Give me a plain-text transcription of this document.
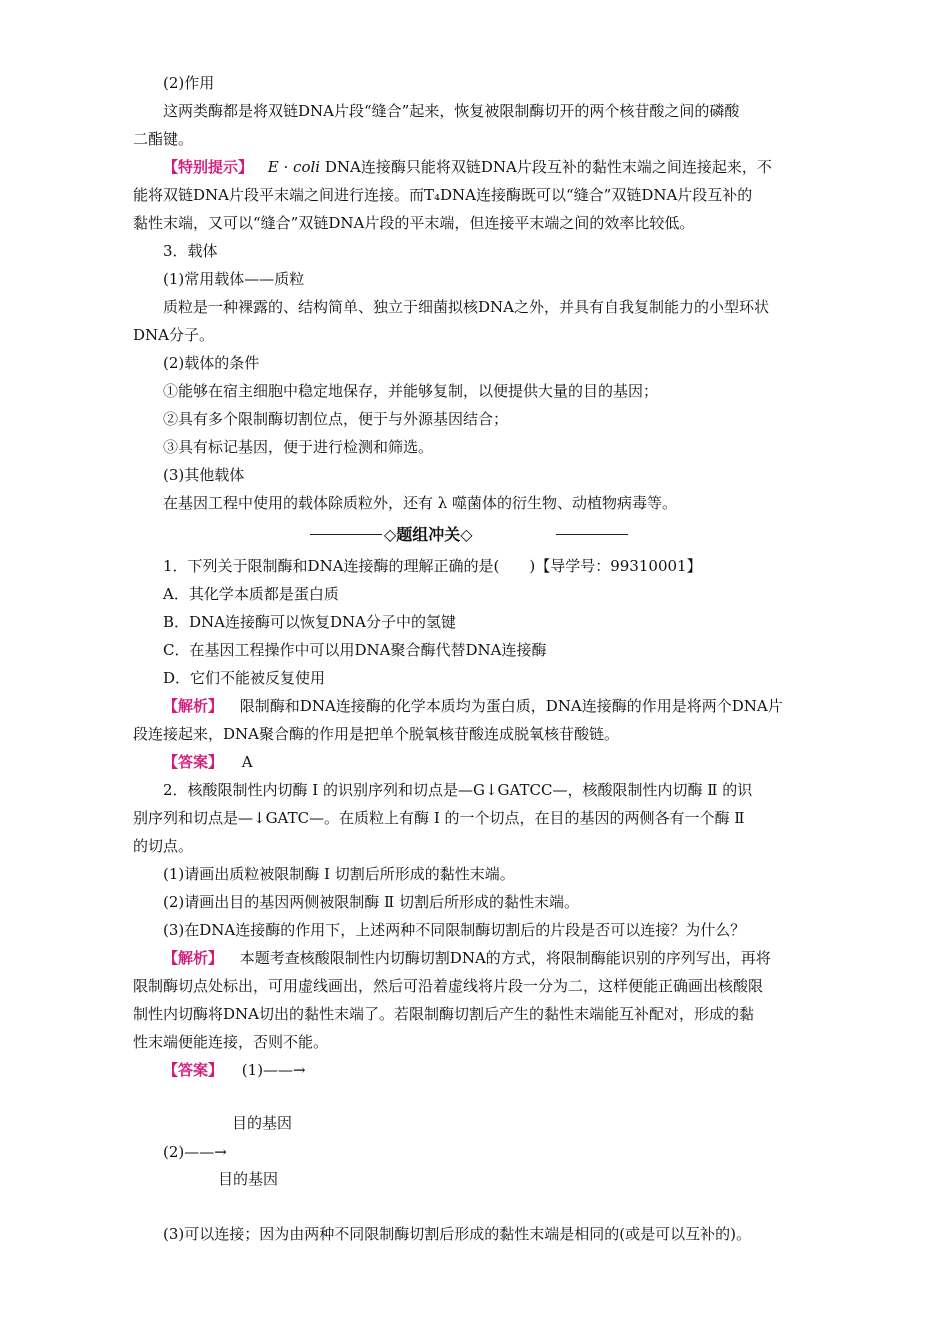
(2)作用
这两类酶都是将双链DNA片段“缝合”起来，恢复被限制酶切开的两个核苷酸之间的磷酸
二酯键。
【特别提示】 E · coli DNA连接酶只能将双链DNA片段互补的黏性末端之间连接起来，不
能将双链DNA片段平末端之间进行连接。而T₄DNA连接酶既可以“缝合”双链DNA片段互补的
黏性末端，又可以“缝合”双链DNA片段的平末端，但连接平末端之间的效率比较低。
3．载体
(1)常用载体——质粒
质粒是一种裸露的、结构简单、独立于细菌拟核DNA之外，并具有自我复制能力的小型环状
DNA分子。
(2)载体的条件
①能够在宿主细胞中稳定地保存，并能够复制，以便提供大量的目的基因；
②具有多个限制酶切割位点，便于与外源基因结合；
③具有标记基因，便于进行检测和筛选。
(3)其他载体
在基因工程中使用的载体除质粒外，还有 λ 噬菌体的衍生物、动植物病毒等。
◇题组冲关◇
1．下列关于限制酶和DNA连接酶的理解正确的是(　　)【导学号：99310001】
A．其化学本质都是蛋白质
B．DNA连接酶可以恢复DNA分子中的氢键
C．在基因工程操作中可以用DNA聚合酶代替DNA连接酶
D．它们不能被反复使用
【解析】 限制酶和DNA连接酶的化学本质均为蛋白质，DNA连接酶的作用是将两个DNA片
段连接起来，DNA聚合酶的作用是把单个脱氧核苷酸连成脱氧核苷酸链。
【答案】 A
2．核酸限制性内切酶 Ⅰ 的识别序列和切点是—G↓GATCC—，核酸限制性内切酶 Ⅱ 的识
别序列和切点是—↓GATC—。在质粒上有酶 Ⅰ 的一个切点，在目的基因的两侧各有一个酶 Ⅱ
的切点。
(1)请画出质粒被限制酶 Ⅰ 切割后所形成的黏性末端。
(2)请画出目的基因两侧被限制酶 Ⅱ 切割后所形成的黏性末端。
(3)在DNA连接酶的作用下，上述两种不同限制酶切割后的片段是否可以连接？为什么？
【解析】 本题考查核酸限制性内切酶切割DNA的方式，将限制酶能识别的序列写出，再将
限制酶切点处标出，可用虚线画出，然后可沿着虚线将片段一分为二，这样便能正确画出核酸限
制性内切酶将DNA切出的黏性末端了。若限制酶切割后产生的黏性末端能互补配对，形成的黏
性末端便能连接，否则不能。
【答案】 (1)——→
目的基因
(2)——→
目的基因
(3)可以连接；因为由两种不同限制酶切割后形成的黏性末端是相同的(或是可以互补的)。
